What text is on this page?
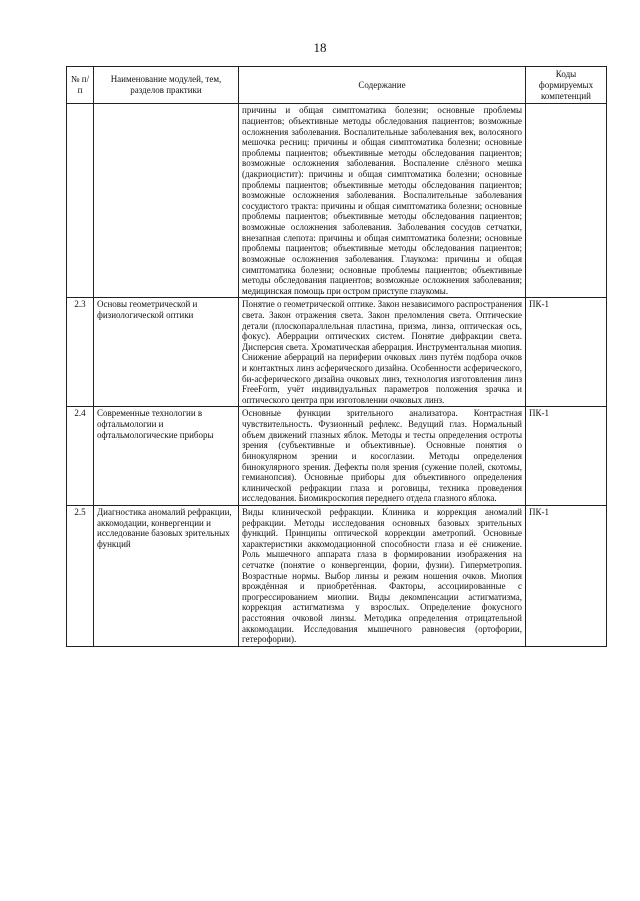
18
№ п/п	Наименование модулей, тем, разделов практики	Содержание	Коды формируемых компетенций
		причины и общая симптоматика болезни; основные проблемы пациентов; объективные методы обследования пациентов; возможные осложнения заболевания. Воспалительные заболевания век, волосяного мешочка ресниц: причины и общая симптоматика болезни; основные проблемы пациентов; объективные методы обследования пациентов; возможные осложнения заболевания. Воспаление слёзного мешка (дакриоцистит): причины и общая симптоматика болезни; основные проблемы пациентов; объективные методы обследования пациентов; возможные осложнения заболевания. Воспалительные заболевания сосудистого тракта: причины и общая симптоматика болезни; основные проблемы пациентов; объективные методы обследования пациентов; возможные осложнения заболевания. Заболевания сосудов сетчатки, внезапная слепота: причины и общая симптоматика болезни; основные проблемы пациентов; объективные методы обследования пациентов; возможные осложнения заболевания. Глаукома: причины и общая симптоматика болезни; основные проблемы пациентов; объективные методы обследования пациентов; возможные осложнения заболевания; медицинская помощь при остром приступе глаукомы.	
2.3	Основы геометрической и физиологической оптики	Понятие о геометрической оптике. Закон независимого распространения света. Закон отражения света. Закон преломления света. Оптические детали (плоскопараллельная пластина, призма, линза, оптическая ось, фокус). Аберрации оптических систем. Понятие дифракции света. Дисперсия света. Хроматическая аберрация. Инструментальная миопия. Снижение аберраций на периферии очковых линз путём подбора очков и контактных линз асферического дизайна. Особенности асферического, би-асферического дизайна очковых линз, технология изготовления линз FreeForm, учёт индивидуальных параметров положения зрачка и оптического центра при изготовлении очковых линз.	ПК-1
2.4	Современные технологии в офтальмологии и офтальмологические приборы	Основные функции зрительного анализатора. Контрастная чувствительность. Фузионный рефлекс. Ведущий глаз. Нормальный объем движений глазных яблок. Методы и тесты определения остроты зрения (субъективные и объективные). Основные понятия о бинокулярном зрении и косоглазии. Методы определения бинокулярного зрения. Дефекты поля зрения (сужение полей, скотомы, гемианопсия). Основные приборы для объективного определения клинической рефракции глаза и роговицы, техника проведения исследования. Биомикроскопия переднего отдела глазного яблока.	ПК-1
2.5	Диагностика аномалий рефракции, аккомодации, конвергенции и исследование базовых зрительных функций	Виды клинической рефракции. Клиника и коррекция аномалий рефракции. Методы исследования основных базовых зрительных функций. Принципы оптической коррекции аметропий. Основные характеристики аккомодационной способности глаза и её снижение. Роль мышечного аппарата глаза в формировании изображения на сетчатке (понятие о конвергенции, фории, фузии). Гиперметропия. Возрастные нормы. Выбор линзы и режим ношения очков. Миопия врождённая и приобретённая. Факторы, ассоциированные с прогрессированием миопии. Виды декомпенсации астигматизма, коррекция астигматизма у взрослых. Определение фокусного расстояния очковой линзы. Методика определения отрицательной аккомодации. Исследования мышечного равновесия (ортофории, гетерофории).	ПК-1
